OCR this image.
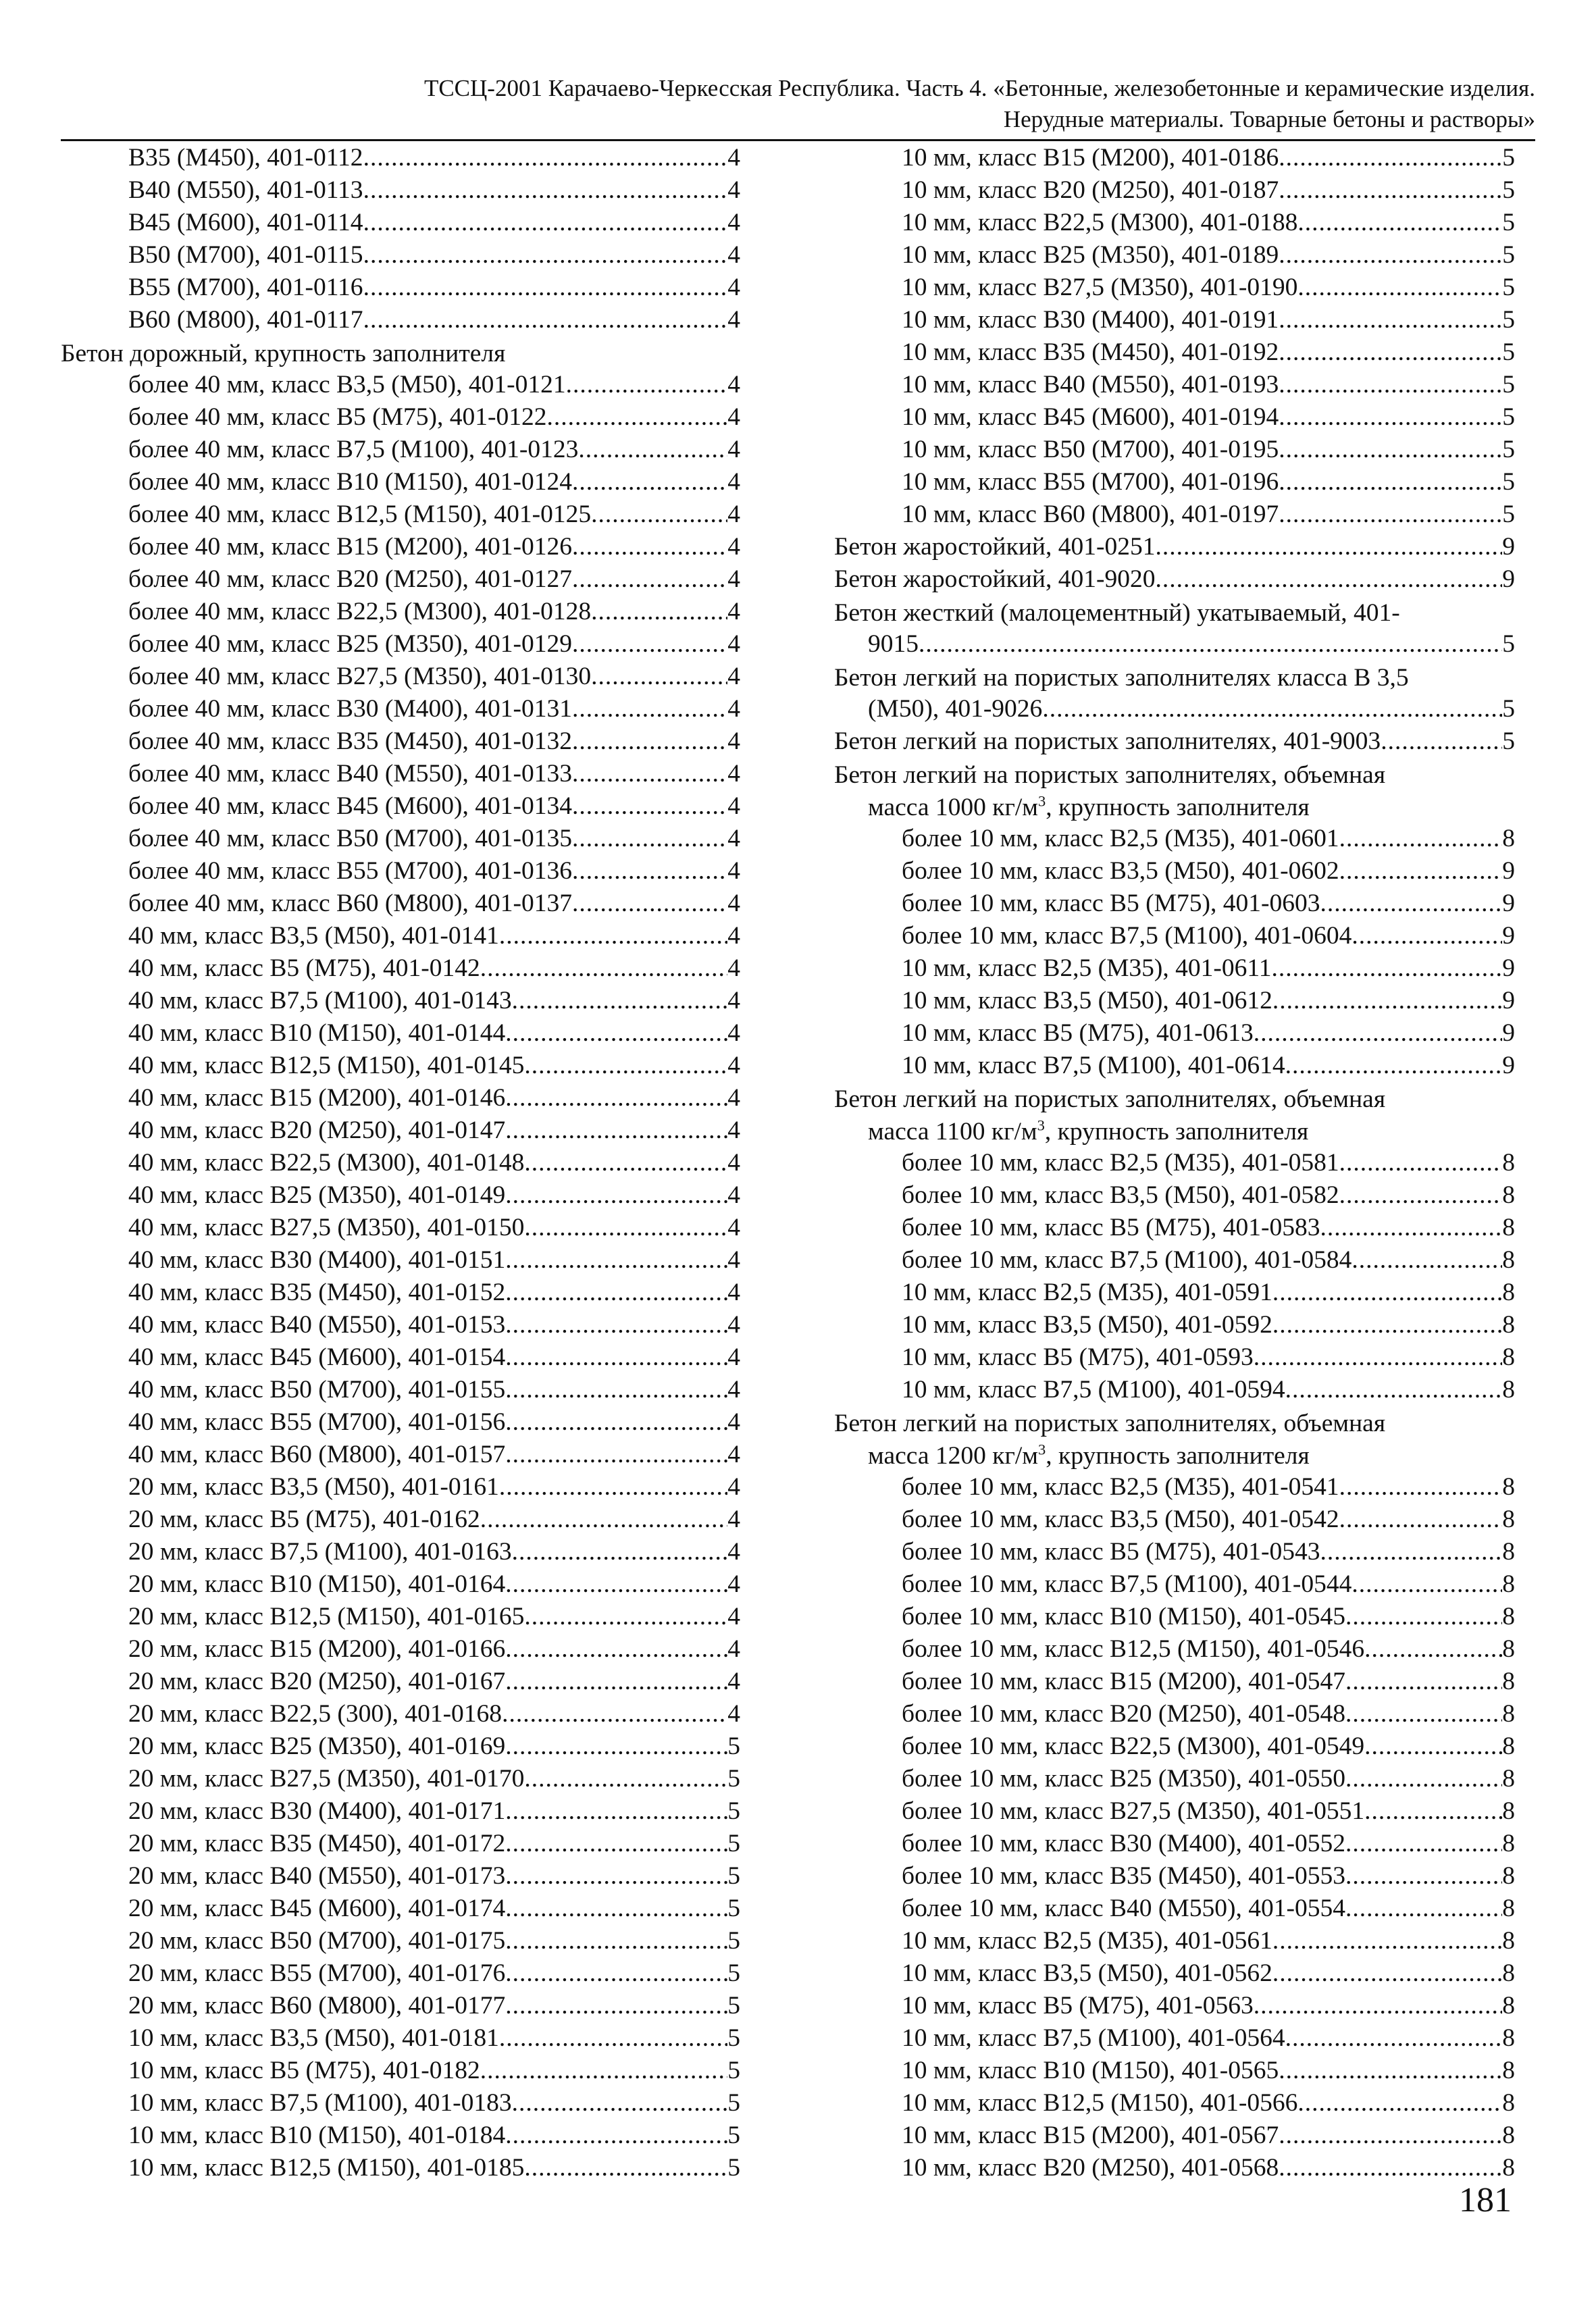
ТССЦ-2001 Карачаево-Черкесская Республика. Часть 4. «Бетонные, железобетонные и керамические изделия.
Нерудные материалы. Товарные бетоны и растворы»
B35 (M450), 401-0112 .....	4
B40 (M550), 401-0113 .....	4
B45 (M600), 401-0114 .....	4
B50 (M700), 401-0115 .....	4
B55 (M700), 401-0116 .....	4
B60 (M800), 401-0117 .....	4
Бетон дорожный, крупность заполнителя
более 40 мм, класс B3,5 (M50), 401-0121 .....	4
более 40 мм, класс B5 (M75), 401-0122 .....	4
более 40 мм, класс B7,5 (M100), 401-0123 .....	4
более 40 мм, класс B10 (M150), 401-0124 .....	4
более 40 мм, класс B12,5 (M150), 401-0125 .....	4
более 40 мм, класс B15 (M200), 401-0126 .....	4
более 40 мм, класс B20 (M250), 401-0127 .....	4
более 40 мм, класс B22,5 (M300), 401-0128 .....	4
более 40 мм, класс B25 (M350), 401-0129 .....	4
более 40 мм, класс B27,5 (M350), 401-0130 .....	4
более 40 мм, класс B30 (M400), 401-0131 .....	4
более 40 мм, класс B35 (M450), 401-0132 .....	4
более 40 мм, класс B40 (M550), 401-0133 .....	4
более 40 мм, класс B45 (M600), 401-0134 .....	4
более 40 мм, класс B50 (M700), 401-0135 .....	4
более 40 мм, класс B55 (M700), 401-0136 .....	4
более 40 мм, класс B60 (M800), 401-0137 .....	4
40 мм, класс B3,5 (M50), 401-0141 .....	4
40 мм, класс B5 (M75), 401-0142 .....	4
40 мм, класс B7,5 (M100), 401-0143 .....	4
40 мм, класс B10 (M150), 401-0144 .....	4
40 мм, класс B12,5 (M150), 401-0145 .....	4
40 мм, класс B15 (M200), 401-0146 .....	4
40 мм, класс B20 (M250), 401-0147 .....	4
40 мм, класс B22,5 (M300), 401-0148 .....	4
40 мм, класс B25 (M350), 401-0149 .....	4
40 мм, класс B27,5 (M350), 401-0150 .....	4
40 мм, класс B30 (M400), 401-0151 .....	4
40 мм, класс B35 (M450), 401-0152 .....	4
40 мм, класс B40 (M550), 401-0153 .....	4
40 мм, класс B45 (M600), 401-0154 .....	4
40 мм, класс B50 (M700), 401-0155 .....	4
40 мм, класс B55 (M700), 401-0156 .....	4
40 мм, класс B60 (M800), 401-0157 .....	4
20 мм, класс B3,5 (M50), 401-0161 .....	4
20 мм, класс B5 (M75), 401-0162 .....	4
20 мм, класс B7,5 (M100), 401-0163 .....	4
20 мм, класс B10 (M150), 401-0164 .....	4
20 мм, класс B12,5 (M150), 401-0165 .....	4
20 мм, класс B15 (M200), 401-0166 .....	4
20 мм, класс B20 (M250), 401-0167 .....	4
20 мм, класс B22,5 (300), 401-0168 .....	4
20 мм, класс B25 (M350), 401-0169 .....	5
20 мм, класс B27,5 (M350), 401-0170 .....	5
20 мм, класс B30 (M400), 401-0171 .....	5
20 мм, класс B35 (M450), 401-0172 .....	5
20 мм, класс B40 (M550), 401-0173 .....	5
20 мм, класс B45 (M600), 401-0174 .....	5
20 мм, класс B50 (M700), 401-0175 .....	5
20 мм, класс B55 (M700), 401-0176 .....	5
20 мм, класс B60 (M800), 401-0177 .....	5
10 мм, класс B3,5 (M50), 401-0181 .....	5
10 мм, класс B5 (M75), 401-0182 .....	5
10 мм, класс B7,5 (M100), 401-0183 .....	5
10 мм, класс B10 (M150), 401-0184 .....	5
10 мм, класс B12,5 (M150), 401-0185 .....	5
10 мм, класс B15 (M200), 401-0186 .....	5
10 мм, класс B20 (M250), 401-0187 .....	5
10 мм, класс B22,5 (M300), 401-0188 .....	5
10 мм, класс B25 (M350), 401-0189 .....	5
10 мм, класс B27,5 (M350), 401-0190 .....	5
10 мм, класс B30 (M400), 401-0191 .....	5
10 мм, класс B35 (M450), 401-0192 .....	5
10 мм, класс B40 (M550), 401-0193 .....	5
10 мм, класс B45 (M600), 401-0194 .....	5
10 мм, класс B50 (M700), 401-0195 .....	5
10 мм, класс B55 (M700), 401-0196 .....	5
10 мм, класс B60 (M800), 401-0197 .....	5
Бетон жаростойкий, 401-0251 .....	9
Бетон жаростойкий, 401-9020 .....	9
Бетон жесткий (малоцементный) укатываемый, 401-
9015 .....	5
Бетон легкий на пористых заполнителях класса B 3,5
(M50), 401-9026 .....	5
Бетон легкий на пористых заполнителях, 401-9003 .....	5
Бетон легкий на пористых заполнителях, объемная
масса 1000 $кг/м^3$, крупность заполнителя
более 10 мм, класс B2,5 (M35), 401-0601 .....	8
более 10 мм, класс B3,5 (M50), 401-0602 .....	9
более 10 мм, класс B5 (M75), 401-0603 .....	9
более 10 мм, класс B7,5 (M100), 401-0604 .....	9
10 мм, класс B2,5 (M35), 401-0611 .....	9
10 мм, класс B3,5 (M50), 401-0612 .....	9
10 мм, класс B5 (M75), 401-0613 .....	9
10 мм, класс B7,5 (M100), 401-0614 .....	9
Бетон легкий на пористых заполнителях, объемная
масса 1100 $кг/м^3$, крупность заполнителя
более 10 мм, класс B2,5 (M35), 401-0581 .....	8
более 10 мм, класс B3,5 (M50), 401-0582 .....	8
более 10 мм, класс B5 (M75), 401-0583 .....	8
более 10 мм, класс B7,5 (M100), 401-0584 .....	8
10 мм, класс B2,5 (M35), 401-0591 .....	8
10 мм, класс B3,5 (M50), 401-0592 .....	8
10 мм, класс B5 (M75), 401-0593 .....	8
10 мм, класс B7,5 (M100), 401-0594 .....	8
Бетон легкий на пористых заполнителях, объемная
масса 1200 $кг/м^3$, крупность заполнителя
более 10 мм, класс B2,5 (M35), 401-0541 .....	8
более 10 мм, класс B3,5 (M50), 401-0542 .....	8
более 10 мм, класс B5 (M75), 401-0543 .....	8
более 10 мм, класс B7,5 (M100), 401-0544 .....	8
более 10 мм, класс B10 (M150), 401-0545 .....	8
более 10 мм, класс B12,5 (M150), 401-0546 .....	8
более 10 мм, класс B15 (M200), 401-0547 .....	8
более 10 мм, класс B20 (M250), 401-0548 .....	8
более 10 мм, класс B22,5 (M300), 401-0549 .....	8
более 10 мм, класс B25 (M350), 401-0550 .....	8
более 10 мм, класс B27,5 (M350), 401-0551 .....	8
более 10 мм, класс B30 (M400), 401-0552 .....	8
более 10 мм, класс B35 (M450), 401-0553 .....	8
более 10 мм, класс B40 (M550), 401-0554 .....	8
10 мм, класс B2,5 (M35), 401-0561 .....	8
10 мм, класс B3,5 (M50), 401-0562 .....	8
10 мм, класс B5 (M75), 401-0563 .....	8
10 мм, класс B7,5 (M100), 401-0564 .....	8
10 мм, класс B10 (M150), 401-0565 .....	8
10 мм, класс B12,5 (M150), 401-0566 .....	8
10 мм, класс B15 (M200), 401-0567 .....	8
10 мм, класс B20 (M250), 401-0568 .....	8
181
